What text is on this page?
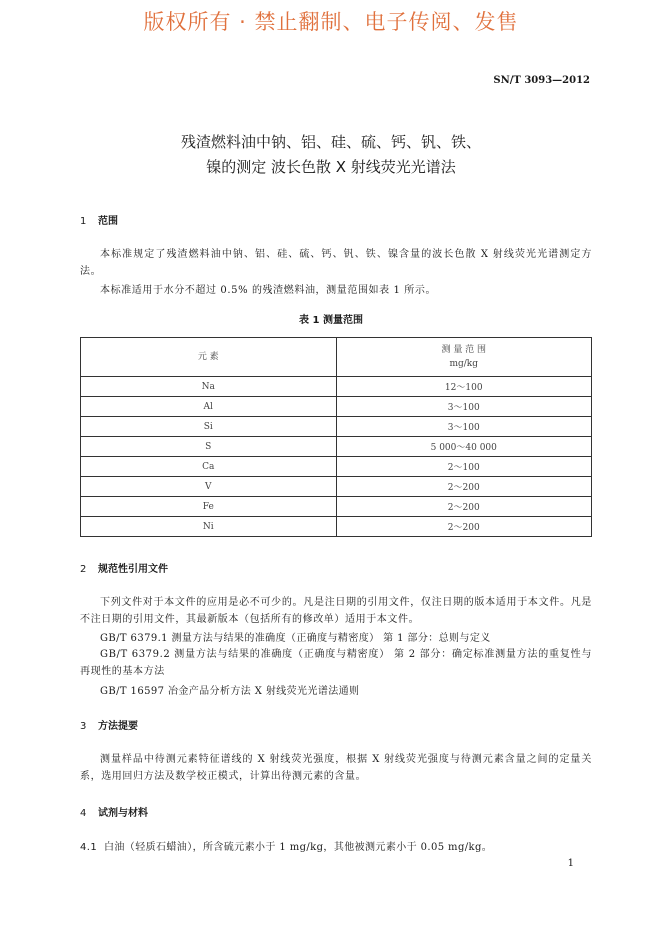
版权所有 · 禁止翻制、电子传阅、发售
SN/T 3093—2012
残渣燃料油中钠、铝、硅、硫、钙、钒、铁、
镍的测定 波长色散 X 射线荧光光谱法
1 范围
本标准规定了残渣燃料油中钠、铝、硅、硫、钙、钒、铁、镍含量的波长色散 X 射线荧光光谱测定方法。
本标准适用于水分不超过 0.5% 的残渣燃料油，测量范围如表 1 所示。
表 1 测量范围
元 素	测 量 范 围
mg/kg

Na	12～100
Al	3～100
Si	3～100
S	5 000～40 000
Ca	2～100
V	2～200
Fe	2～200
Ni	2～200
2 规范性引用文件
下列文件对于本文件的应用是必不可少的。凡是注日期的引用文件，仅注日期的版本适用于本文件。凡是不注日期的引用文件，其最新版本（包括所有的修改单）适用于本文件。
GB/T 6379.1 测量方法与结果的准确度（正确度与精密度） 第 1 部分：总则与定义
GB/T 6379.2 测量方法与结果的准确度（正确度与精密度） 第 2 部分：确定标准测量方法的重复性与再现性的基本方法
GB/T 16597 冶金产品分析方法 X 射线荧光光谱法通则
3 方法提要
测量样品中待测元素特征谱线的 X 射线荧光强度，根据 X 射线荧光强度与待测元素含量之间的定量关系，选用回归方法及数学校正模式，计算出待测元素的含量。
4 试剂与材料
4.1 白油（轻质石蜡油），所含硫元素小于 1 mg/kg，其他被测元素小于 0.05 mg/kg。
1
